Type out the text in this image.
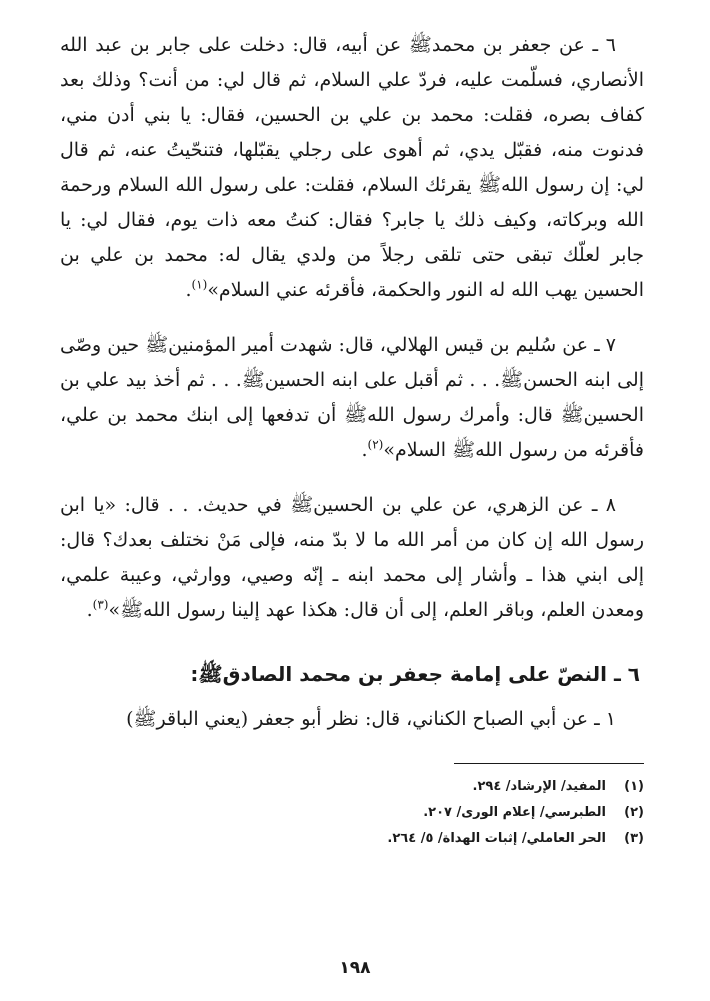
٦ ـ عن جعفر بن محمدﷺ عن أبيه، قال: دخلت على جابر بن عبد الله الأنصاري، فسلّمت عليه، فردّ علي السلام، ثم قال لي: من أنت؟ وذلك بعد كفاف بصره، فقلت: محمد بن علي بن الحسين، فقال: يا بني أدن مني، فدنوت منه، فقبّل يدي، ثم أهوى على رجلي يقبّلها، فتنحّيتُ عنه، ثم قال لي: إن رسول اللهﷺ يقرئك السلام، فقلت: على رسول الله السلام ورحمة الله وبركاته، وكيف ذلك يا جابر؟ فقال: كنتُ معه ذات يوم، فقال لي: يا جابر لعلّك تبقى حتى تلقى رجلاً من ولدي يقال له: محمد بن علي بن الحسين يهب الله له النور والحكمة، فأقرئه عني السلام»$^{(١)}$.

٧ ـ عن سُليم بن قيس الهلالي، قال: شهدت أمير المؤمنينﷺ حين وصّى إلى ابنه الحسنﷺ. . . ثم أقبل على ابنه الحسينﷺ. . . ثم أخذ بيد علي بن الحسينﷺ قال: وأمرك رسول اللهﷺ أن تدفعها إلى ابنك محمد بن علي، فأقرئه من رسول اللهﷺ السلام»$^{(٢)}$.

٨ ـ عن الزهري، عن علي بن الحسينﷺ في حديث. . . قال: «يا ابن رسول الله إن كان من أمر الله ما لا بدّ منه، فإلى مَنْ نختلف بعدك؟ قال: إلى ابني هذا ـ وأشار إلى محمد ابنه ـ إنّه وصيي، ووارثي، وعيبة علمي، ومعدن العلم، وباقر العلم، إلى أن قال: هكذا عهد إلينا رسول اللهﷺ»$^{(٣)}$.

٦ ـ النصّ على إمامة جعفر بن محمد الصادقﷺ:

١ ـ عن أبي الصباح الكناني، قال: نظر أبو جعفر (يعني الباقرﷺ)

(١)
المفيد/ الإرشاد/ ٢٩٤.
(٢)
الطبرسي/ إعلام الورى/ ٢٠٧.
(٣)
الحر العاملي/ إثبات الهداة/ ٥/ ٢٦٤.
١٩٨
